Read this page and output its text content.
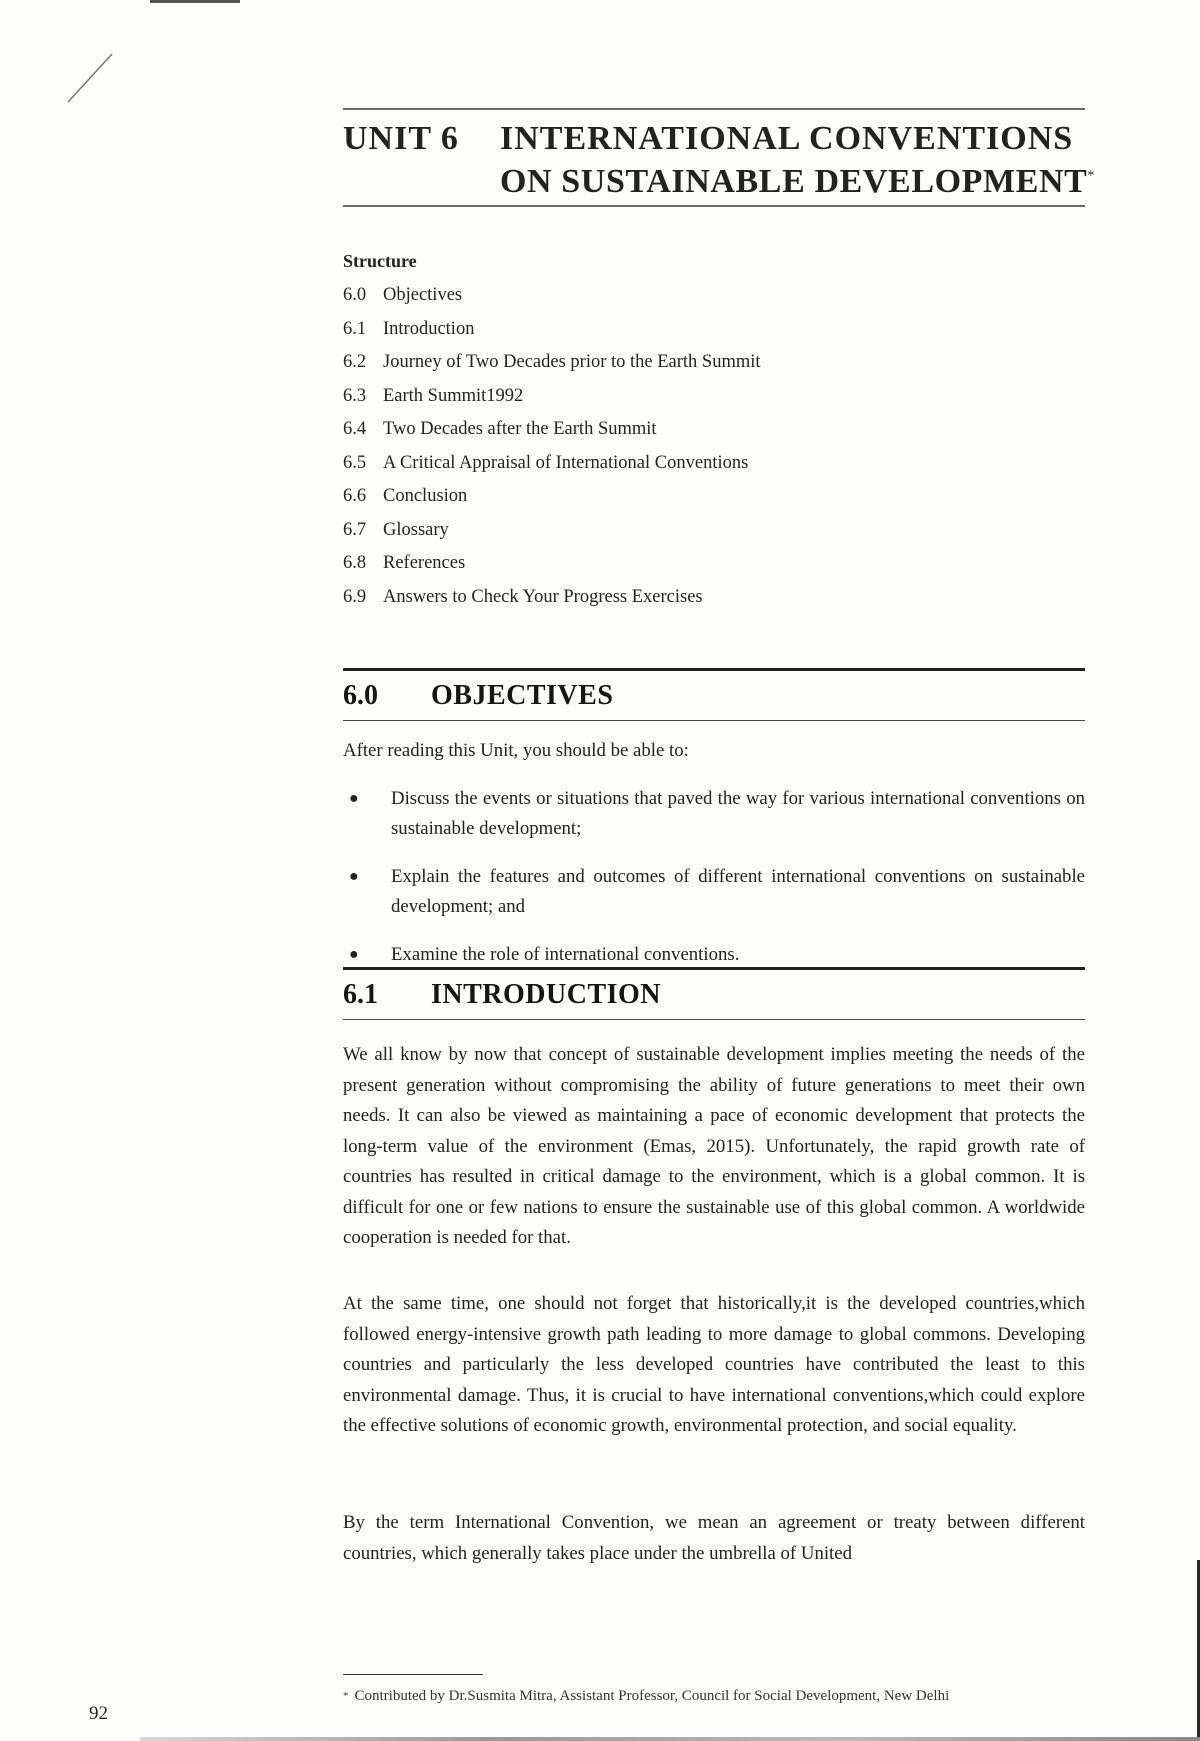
UNIT 6 INTERNATIONAL CONVENTIONS
ON SUSTAINABLE DEVELOPMENT*
Structure
6.0 Objectives
6.1 Introduction
6.2 Journey of Two Decades prior to the Earth Summit
6.3 Earth Summit1992
6.4 Two Decades after the Earth Summit
6.5 A Critical Appraisal of International Conventions
6.6 Conclusion
6.7 Glossary
6.8 References
6.9 Answers to Check Your Progress Exercises
6.0 OBJECTIVES

After reading this Unit, you should be able to:

● Discuss the events or situations that paved the way for various international conventions on sustainable development;
● Explain the features and outcomes of different international conventions on sustainable development; and
● Examine the role of international conventions.
6.1 INTRODUCTION

We all know by now that concept of sustainable development implies meeting the needs of the present generation without compromising the ability of future generations to meet their own needs. It can also be viewed as maintaining a pace of economic development that protects the long-term value of the environment (Emas, 2015). Unfortunately, the rapid growth rate of countries has resulted in critical damage to the environment, which is a global common. It is difficult for one or few nations to ensure the sustainable use of this global common. A worldwide cooperation is needed for that.

At the same time, one should not forget that historically,it is the developed countries,which followed energy-intensive growth path leading to more damage to global commons. Developing countries and particularly the less developed countries have contributed the least to this environmental damage. Thus, it is crucial to have international conventions,which could explore the effective solutions of economic growth, environmental protection, and social equality.

By the term International Convention, we mean an agreement or treaty between different countries, which generally takes place under the umbrella of United

* Contributed by Dr.Susmita Mitra, Assistant Professor, Council for Social Development, New Delhi
92
